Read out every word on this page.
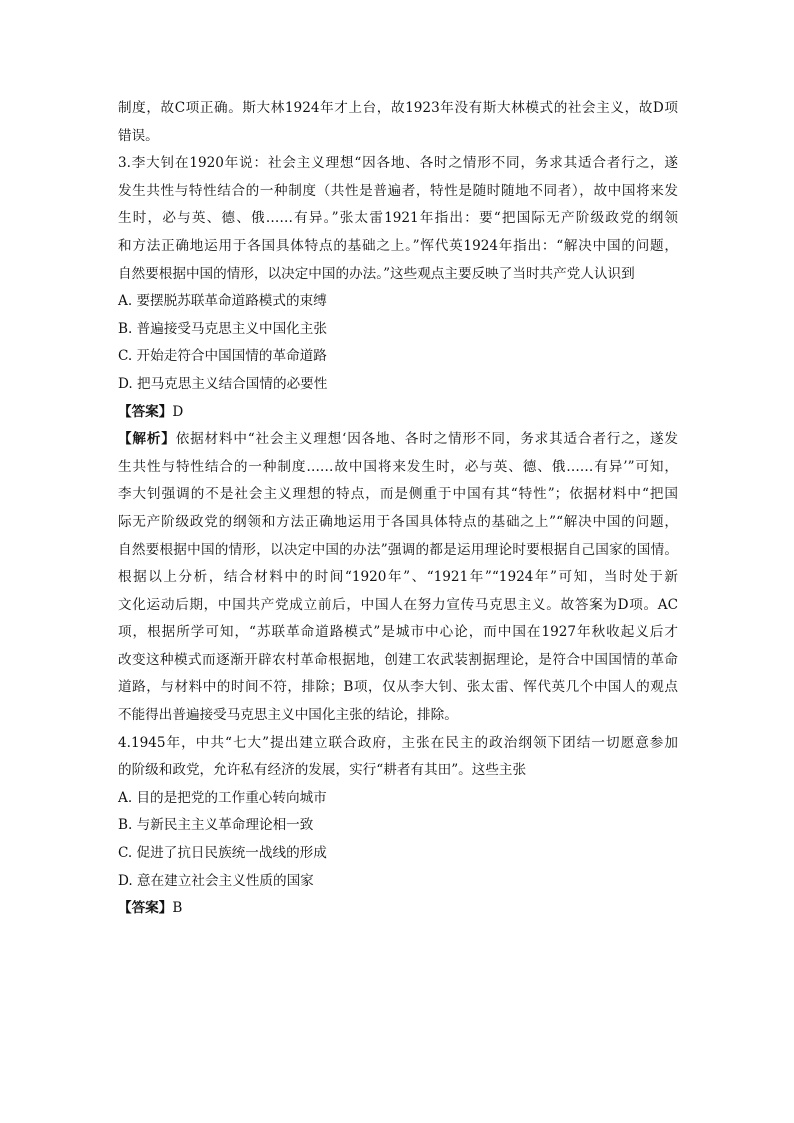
制度，故C项正确。斯大林1924年才上台，故1923年没有斯大林模式的社会主义，故D项
错误。
3.李大钊在1920年说：社会主义理想“因各地、各时之情形不同，务求其适合者行之，遂
发生共性与特性结合的一种制度（共性是普遍者，特性是随时随地不同者），故中国将来发
生时，必与英、德、俄……有异。”张太雷1921年指出：要“把国际无产阶级政党的纲领
和方法正确地运用于各国具体特点的基础之上。”恽代英1924年指出：“解决中国的问题，
自然要根据中国的情形，以决定中国的办法。”这些观点主要反映了当时共产党人认识到
A. 要摆脱苏联革命道路模式的束缚
B. 普遍接受马克思主义中国化主张
C. 开始走符合中国国情的革命道路
D. 把马克思主义结合国情的必要性
【答案】D
【解析】依据材料中“社会主义理想‘因各地、各时之情形不同，务求其适合者行之，遂发
生共性与特性结合的一种制度……故中国将来发生时，必与英、德、俄……有异’”可知，
李大钊强调的不是社会主义理想的特点，而是侧重于中国有其“特性”；依据材料中“把国
际无产阶级政党的纲领和方法正确地运用于各国具体特点的基础之上”“解决中国的问题，
自然要根据中国的情形，以决定中国的办法”强调的都是运用理论时要根据自己国家的国情。
根据以上分析，结合材料中的时间“1920年”、“1921年”“1924年”可知，当时处于新
文化运动后期，中国共产党成立前后，中国人在努力宣传马克思主义。故答案为D项。AC
项，根据所学可知，“苏联革命道路模式”是城市中心论，而中国在1927年秋收起义后才
改变这种模式而逐渐开辟农村革命根据地，创建工农武装割据理论，是符合中国国情的革命
道路，与材料中的时间不符，排除；B项，仅从李大钊、张太雷、恽代英几个中国人的观点
不能得出普遍接受马克思主义中国化主张的结论，排除。
4.1945年，中共“七大”提出建立联合政府，主张在民主的政治纲领下团结一切愿意参加
的阶级和政党，允许私有经济的发展，实行“耕者有其田”。这些主张
A. 目的是把党的工作重心转向城市
B. 与新民主主义革命理论相一致
C. 促进了抗日民族统一战线的形成
D. 意在建立社会主义性质的国家
【答案】B
